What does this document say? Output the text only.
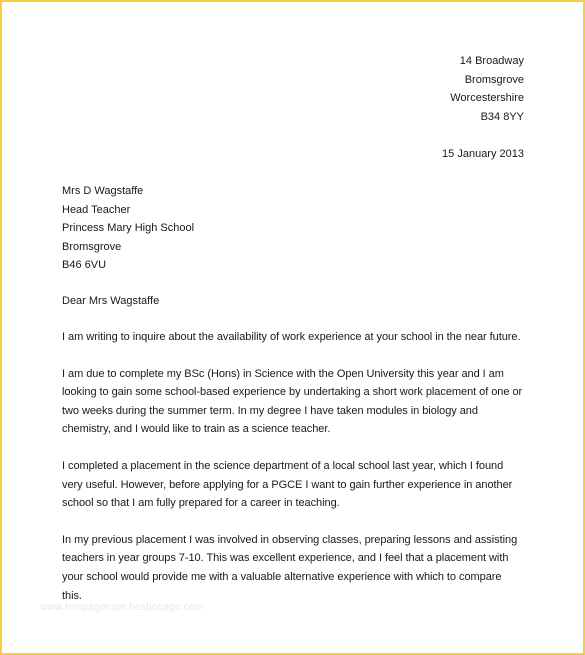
14 Broadway
Bromsgrove
Worcestershire
B34 8YY
15 January 2013
Mrs D Wagstaffe
Head Teacher
Princess Mary High School
Bromsgrove
B46 6VU
Dear Mrs Wagstaffe

I am writing to inquire about the availability of work experience at your school in the near future.

I am due to complete my BSc (Hons) in Science with the Open University this year and I am looking to gain some school-based experience by undertaking a short work placement of one or two weeks during the summer term. In my degree I have taken modules in biology and chemistry, and I would like to train as a science teacher.

I completed a placement in the science department of a local school last year, which I found very useful. However, before applying for a PGCE I want to gain further experience in another school so that I am fully prepared for a career in teaching.

In my previous placement I was involved in observing classes, preparing lessons and assisting teachers in year groups 7-10. This was excellent experience, and I feel that a placement with your school would provide me with a valuable alternative experience with which to compare this.

www.tempagecam.hesbcoage.com
